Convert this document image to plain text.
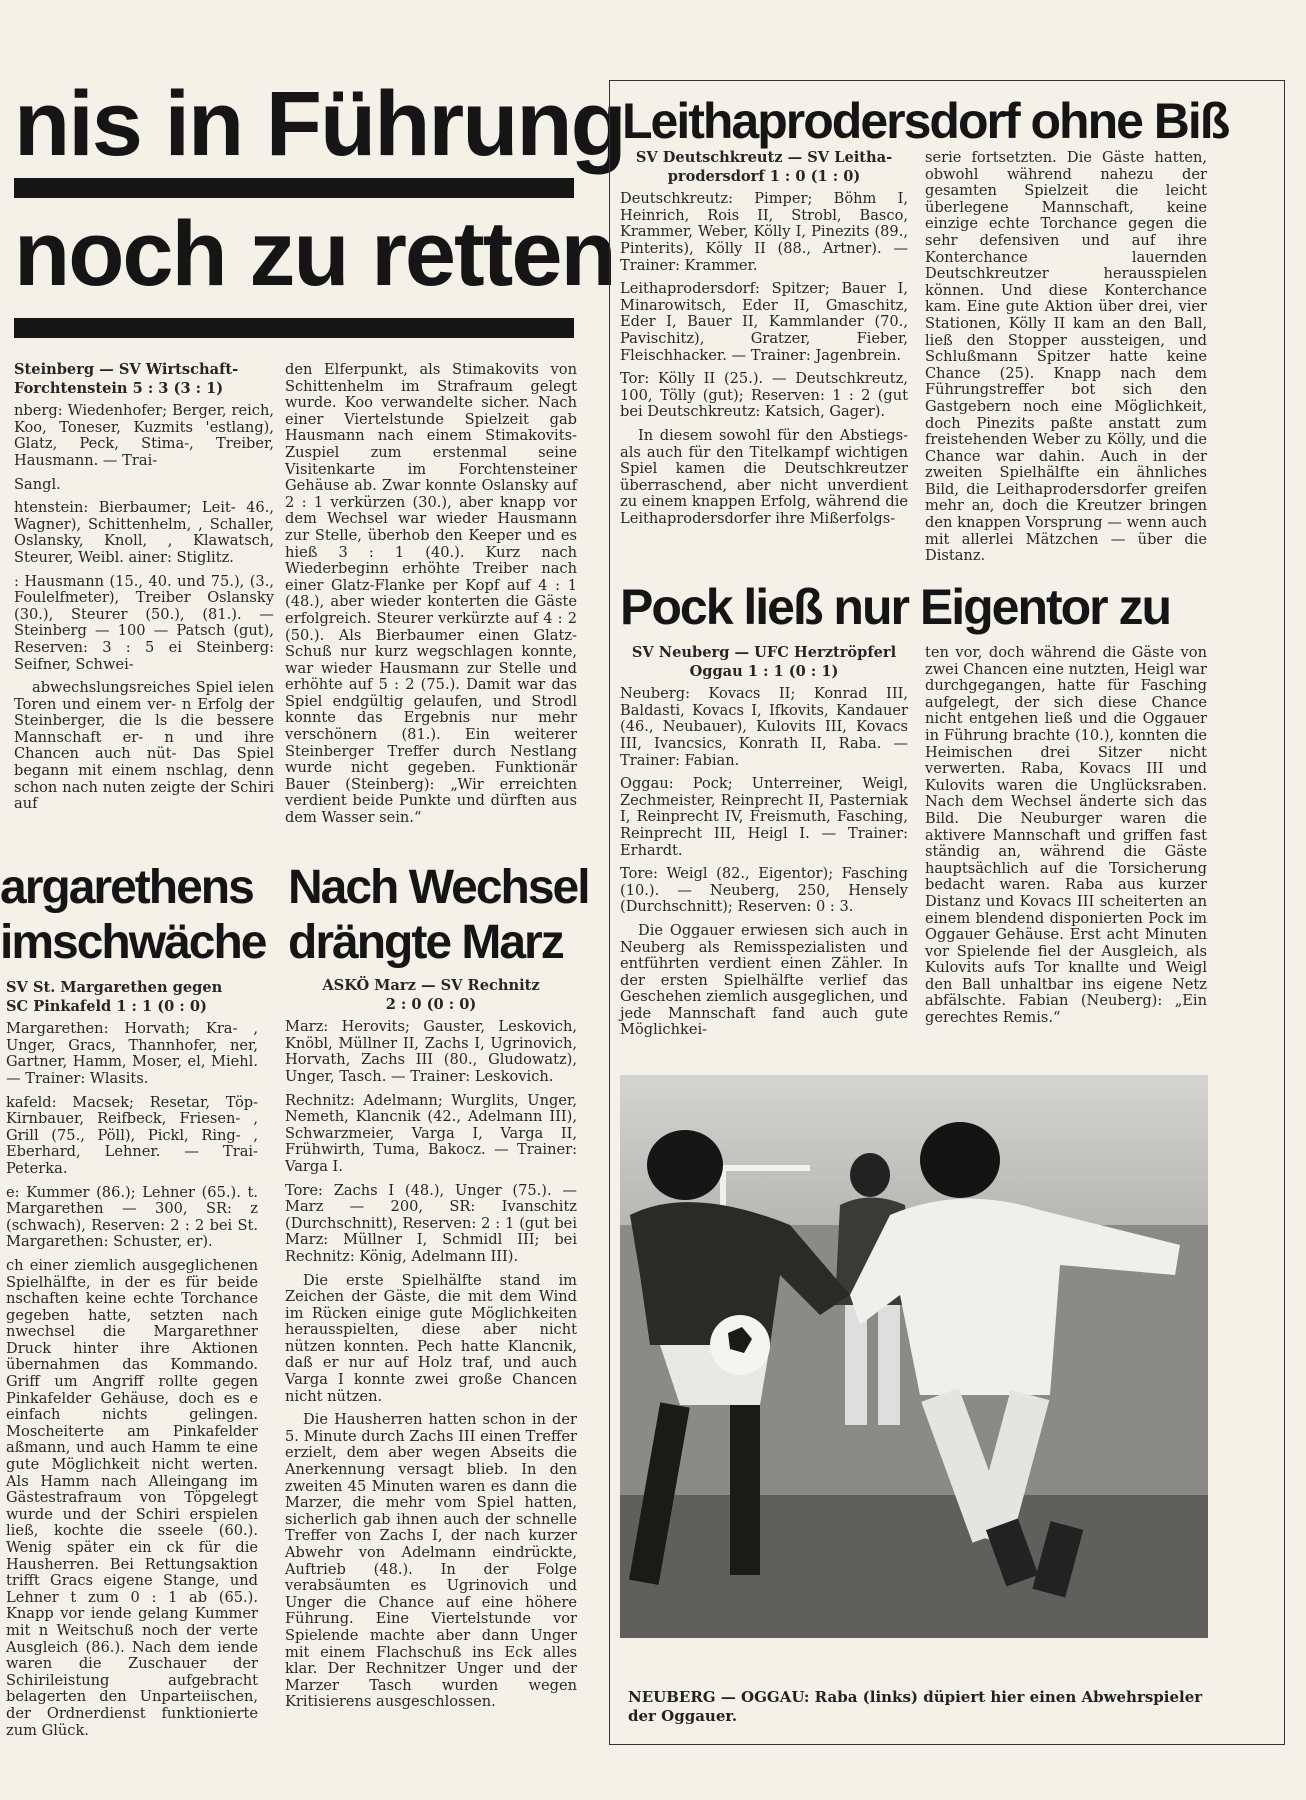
nis in Führung
noch zu retten
Steinberg — SV Wirtschaft-
Forchtenstein 5 : 3 (3 : 1)

nberg: Wiedenhofer; Berger, reich, Koo, Toneser, Kuzmits 'estlang), Glatz, Peck, Stima-, Treiber, Hausmann. — Trai-

Sangl.

htenstein: Bierbaumer; Leit- 46., Wagner), Schittenhelm, , Schaller, Oslansky, Knoll, , Klawatsch, Steurer, Weibl. ainer: Stiglitz.

: Hausmann (15., 40. und 75.), (3., Foulelfmeter), Treiber Oslansky (30.), Steurer (50.), (81.). — Steinberg — 100 — Patsch (gut), Reserven: 3 : 5 ei Steinberg: Seifner, Schwei-

abwechslungsreiches Spiel ielen Toren und einem ver- n Erfolg der Steinberger, die ls die bessere Mannschaft er- n und ihre Chancen auch nüt- Das Spiel begann mit einem nschlag, denn schon nach nuten zeigte der Schiri auf

den Elferpunkt, als Stimakovits von Schittenhelm im Strafraum gelegt wurde. Koo verwandelte sicher. Nach einer Viertelstunde Spielzeit gab Hausmann nach einem Stimakovits-Zuspiel zum erstenmal seine Visitenkarte im Forchtensteiner Gehäuse ab. Zwar konnte Oslansky auf 2 : 1 verkürzen (30.), aber knapp vor dem Wechsel war wieder Hausmann zur Stelle, überhob den Keeper und es hieß 3 : 1 (40.). Kurz nach Wiederbeginn erhöhte Treiber nach einer Glatz-Flanke per Kopf auf 4 : 1 (48.), aber wieder konterten die Gäste erfolgreich. Steurer verkürzte auf 4 : 2 (50.). Als Bierbaumer einen Glatz-Schuß nur kurz wegschlagen konnte, war wieder Hausmann zur Stelle und erhöhte auf 5 : 2 (75.). Damit war das Spiel endgültig gelaufen, und Strodl konnte das Ergebnis nur mehr verschönern (81.). Ein weiterer Steinberger Treffer durch Nestlang wurde nicht gegeben. Funktionär Bauer (Steinberg): „Wir erreichten verdient beide Punkte und dürften aus dem Wasser sein.“

Leithaprodersdorf ohne Biß
SV Deutschkreutz — SV Leitha-
prodersdorf 1 : 0 (1 : 0)

Deutschkreutz: Pimper; Böhm I, Heinrich, Rois II, Strobl, Basco, Krammer, Weber, Kölly I, Pinezits (89., Pinterits), Kölly II (88., Artner). — Trainer: Krammer.

Leithaprodersdorf: Spitzer; Bauer I, Minarowitsch, Eder II, Gmaschitz, Eder I, Bauer II, Kammlander (70., Pavischitz), Gratzer, Fieber, Fleischhacker. — Trainer: Jagenbrein.

Tor: Kölly II (25.). — Deutschkreutz, 100, Tölly (gut); Reserven: 1 : 2 (gut bei Deutschkreutz: Katsich, Gager).

In diesem sowohl für den Abstiegs- als auch für den Titelkampf wichtigen Spiel kamen die Deutschkreutzer überraschend, aber nicht unverdient zu einem knappen Erfolg, während die Leithaprodersdorfer ihre Mißerfolgs-

serie fortsetzten. Die Gäste hatten, obwohl während nahezu der gesamten Spielzeit die leicht überlegene Mannschaft, keine einzige echte Torchance gegen die sehr defensiven und auf ihre Konterchance lauernden Deutschkreutzer herausspielen können. Und diese Konterchance kam. Eine gute Aktion über drei, vier Stationen, Kölly II kam an den Ball, ließ den Stopper aussteigen, und Schlußmann Spitzer hatte keine Chance (25). Knapp nach dem Führungstreffer bot sich den Gastgebern noch eine Möglichkeit, doch Pinezits paßte anstatt zum freistehenden Weber zu Kölly, und die Chance war dahin. Auch in der zweiten Spielhälfte ein ähnliches Bild, die Leithaprodersdorfer greifen mehr an, doch die Kreutzer bringen den knappen Vorsprung — wenn auch mit allerlei Mätzchen — über die Distanz.

Pock ließ nur Eigentor zu
SV Neuberg — UFC Herztröpferl
Oggau 1 : 1 (0 : 1)

Neuberg: Kovacs II; Konrad III, Baldasti, Kovacs I, Ifkovits, Kandauer (46., Neubauer), Kulovits III, Kovacs III, Ivancsics, Konrath II, Raba. — Trainer: Fabian.

Oggau: Pock; Unterreiner, Weigl, Zechmeister, Reinprecht II, Pasterniak I, Reinprecht IV, Freismuth, Fasching, Reinprecht III, Heigl I. — Trainer: Erhardt.

Tore: Weigl (82., Eigentor); Fasching (10.). — Neuberg, 250, Hensely (Durchschnitt); Reserven: 0 : 3.

Die Oggauer erwiesen sich auch in Neuberg als Remisspezialisten und entführten verdient einen Zähler. In der ersten Spielhälfte verlief das Geschehen ziemlich ausgeglichen, und jede Mannschaft fand auch gute Möglichkei-

ten vor, doch während die Gäste von zwei Chancen eine nutzten, Heigl war durchgegangen, hatte für Fasching aufgelegt, der sich diese Chance nicht entgehen ließ und die Oggauer in Führung brachte (10.), konnten die Heimischen drei Sitzer nicht verwerten. Raba, Kovacs III und Kulovits waren die Unglücksraben. Nach dem Wechsel änderte sich das Bild. Die Neuburger waren die aktivere Mannschaft und griffen fast ständig an, während die Gäste hauptsächlich auf die Torsicherung bedacht waren. Raba aus kurzer Distanz und Kovacs III scheiterten an einem blendend disponierten Pock im Oggauer Gehäuse. Erst acht Minuten vor Spielende fiel der Ausgleich, als Kulovits aufs Tor knallte und Weigl den Ball unhaltbar ins eigene Netz abfälschte. Fabian (Neuberg): „Ein gerechtes Remis.“

NEUBERG — OGGAU: Raba (links) düpiert hier einen Abwehrspieler der Oggauer.
argarethens
imschwäche
SV St. Margarethen gegen
SC Pinkafeld 1 : 1 (0 : 0)

Margarethen: Horvath; Kra- , Unger, Gracs, Thannhofer, ner, Gartner, Hamm, Moser, el, Miehl. — Trainer: Wlasits.

kafeld: Macsek; Resetar, Töp- Kirnbauer, Reifbeck, Friesen- , Grill (75., Pöll), Pickl, Ring- , Eberhard, Lehner. — Trai- Peterka.

e: Kummer (86.); Lehner (65.). t. Margarethen — 300, SR: z (schwach), Reserven: 2 : 2 bei St. Margarethen: Schuster, er).

ch einer ziemlich ausgeglichenen Spielhälfte, in der es für beide nschaften keine echte Torchance gegeben hatte, setzten nach nwechsel die Margarethner Druck hinter ihre Aktionen übernahmen das Kommando. Griff um Angriff rollte gegen Pinkafelder Gehäuse, doch es e einfach nichts gelingen. Moscheiterte am Pinkafelder aßmann, und auch Hamm te eine gute Möglichkeit nicht werten. Als Hamm nach Alleingang im Gästestrafraum von Töpgelegt wurde und der Schiri erspielen ließ, kochte die sseele (60.). Wenig später ein ck für die Hausherren. Bei Rettungsaktion trifft Gracs eigene Stange, und Lehner t zum 0 : 1 ab (65.). Knapp vor iende gelang Kummer mit n Weitschuß noch der verte Ausgleich (86.). Nach dem iende waren die Zuschauer der Schirileistung aufgebracht belagerten den Unparteiischen, der Ordnerdienst funktionierte zum Glück.

Nach Wechsel
drängte Marz
ASKÖ Marz — SV Rechnitz
2 : 0 (0 : 0)

Marz: Herovits; Gauster, Leskovich, Knöbl, Müllner II, Zachs I, Ugrinovich, Horvath, Zachs III (80., Gludowatz), Unger, Tasch. — Trainer: Leskovich.

Rechnitz: Adelmann; Wurglits, Unger, Nemeth, Klancnik (42., Adelmann III), Schwarzmeier, Varga I, Varga II, Frühwirth, Tuma, Bakocz. — Trainer: Varga I.

Tore: Zachs I (48.), Unger (75.). — Marz — 200, SR: Ivanschitz (Durchschnitt), Reserven: 2 : 1 (gut bei Marz: Müllner I, Schmidl III; bei Rechnitz: König, Adelmann III).

Die erste Spielhälfte stand im Zeichen der Gäste, die mit dem Wind im Rücken einige gute Möglichkeiten herausspielten, diese aber nicht nützen konnten. Pech hatte Klancnik, daß er nur auf Holz traf, und auch Varga I konnte zwei große Chancen nicht nützen.

Die Hausherren hatten schon in der 5. Minute durch Zachs III einen Treffer erzielt, dem aber wegen Abseits die Anerkennung versagt blieb. In den zweiten 45 Minuten waren es dann die Marzer, die mehr vom Spiel hatten, sicherlich gab ihnen auch der schnelle Treffer von Zachs I, der nach kurzer Abwehr von Adelmann eindrückte, Auftrieb (48.). In der Folge verabsäumten es Ugrinovich und Unger die Chance auf eine höhere Führung. Eine Viertelstunde vor Spielende machte aber dann Unger mit einem Flachschuß ins Eck alles klar. Der Rechnitzer Unger und der Marzer Tasch wurden wegen Kritisierens ausgeschlossen.
